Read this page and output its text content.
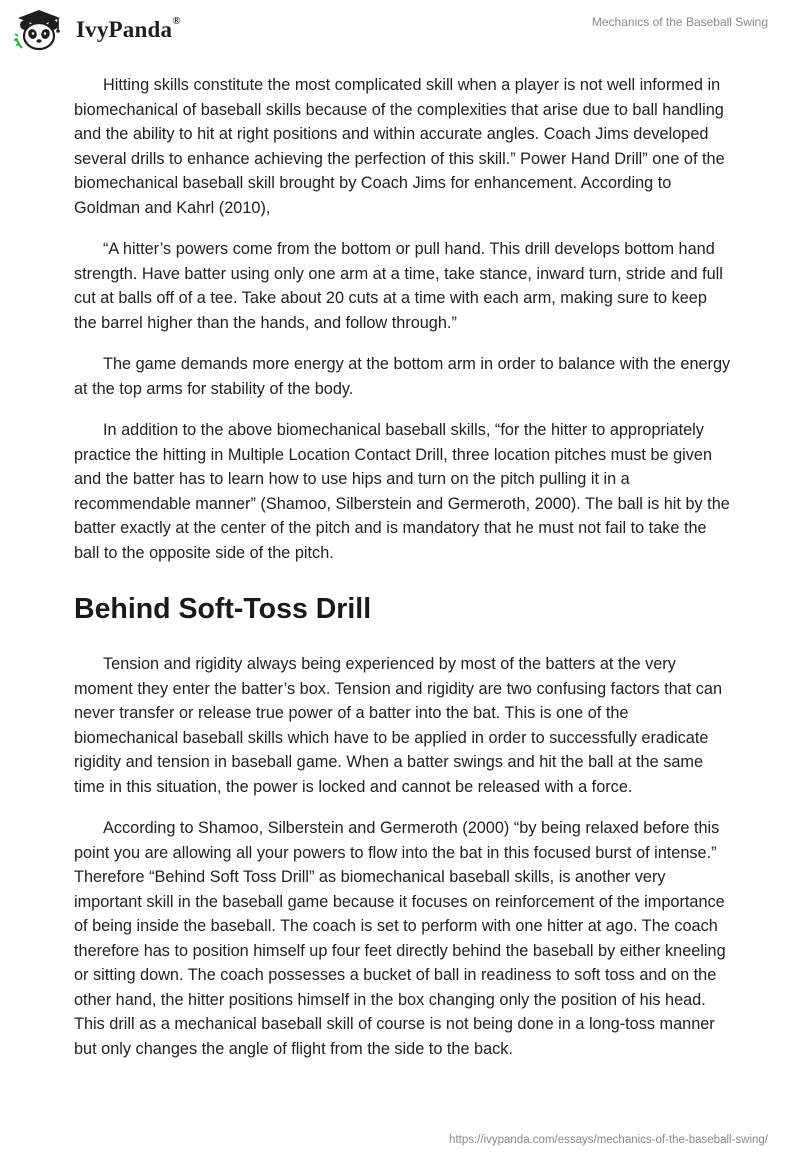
IvyPanda®	Mechanics of the Baseball Swing

Hitting skills constitute the most complicated skill when a player is not well informed in biomechanical of baseball skills because of the complexities that arise due to ball handling and the ability to hit at right positions and within accurate angles. Coach Jims developed several drills to enhance achieving the perfection of this skill.” Power Hand Drill” one of the biomechanical baseball skill brought by Coach Jims for enhancement. According to Goldman and Kahrl (2010),

“A hitter’s powers come from the bottom or pull hand. This drill develops bottom hand strength. Have batter using only one arm at a time, take stance, inward turn, stride and full cut at balls off of a tee. Take about 20 cuts at a time with each arm, making sure to keep the barrel higher than the hands, and follow through.”

The game demands more energy at the bottom arm in order to balance with the energy at the top arms for stability of the body.

In addition to the above biomechanical baseball skills, “for the hitter to appropriately practice the hitting in Multiple Location Contact Drill, three location pitches must be given and the batter has to learn how to use hips and turn on the pitch pulling it in a recommendable manner” (Shamoo, Silberstein and Germeroth, 2000). The ball is hit by the batter exactly at the center of the pitch and is mandatory that he must not fail to take the ball to the opposite side of the pitch.

Behind Soft-Toss Drill

Tension and rigidity always being experienced by most of the batters at the very moment they enter the batter’s box. Tension and rigidity are two confusing factors that can never transfer or release true power of a batter into the bat. This is one of the biomechanical baseball skills which have to be applied in order to successfully eradicate rigidity and tension in baseball game. When a batter swings and hit the ball at the same time in this situation, the power is locked and cannot be released with a force.

According to Shamoo, Silberstein and Germeroth (2000) “by being relaxed before this point you are allowing all your powers to flow into the bat in this focused burst of intense.” Therefore “Behind Soft Toss Drill” as biomechanical baseball skills, is another very important skill in the baseball game because it focuses on reinforcement of the importance of being inside the baseball. The coach is set to perform with one hitter at ago. The coach therefore has to position himself up four feet directly behind the baseball by either kneeling or sitting down. The coach possesses a bucket of ball in readiness to soft toss and on the other hand, the hitter positions himself in the box changing only the position of his head. This drill as a mechanical baseball skill of course is not being done in a long-toss manner but only changes the angle of flight from the side to the back.

https://ivypanda.com/essays/mechanics-of-the-baseball-swing/
